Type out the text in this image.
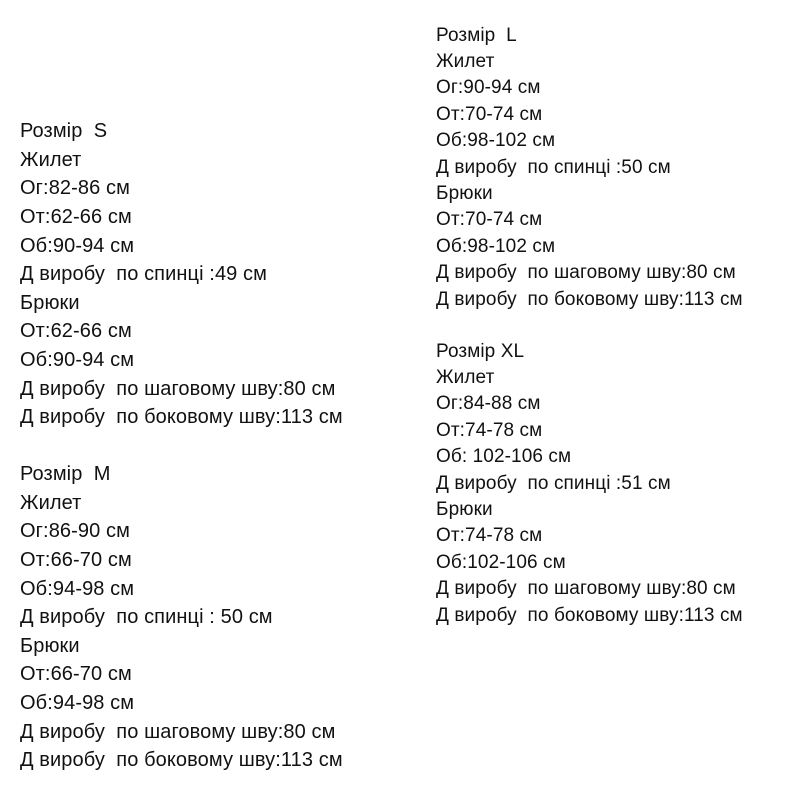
Розмір  S
Жилет
Ог:82-86 см
От:62-66 см
Об:90-94 см
Д виробу  по спинці :49 см
Брюки
От:62-66 см
Об:90-94 см
Д виробу  по шаговому шву:80 см
Д виробу  по боковому шву:113 см
Розмір  M
Жилет
Ог:86-90 см
От:66-70 см
Об:94-98 см
Д виробу  по спинці : 50 см
Брюки
От:66-70 см
Об:94-98 см
Д виробу  по шаговому шву:80 см
Д виробу  по боковому шву:113 см
Розмір  L
Жилет
Ог:90-94 см
От:70-74 см
Об:98-102 см
Д виробу  по спинці :50 см
Брюки
От:70-74 см
Об:98-102 см
Д виробу  по шаговому шву:80 см
Д виробу  по боковому шву:113 см
Розмір XL
Жилет
Ог:84-88 см
От:74-78 см
Об: 102-106 см
Д виробу  по спинці :51 см
Брюки
От:74-78 см
Об:102-106 см
Д виробу  по шаговому шву:80 см
Д виробу  по боковому шву:113 см
